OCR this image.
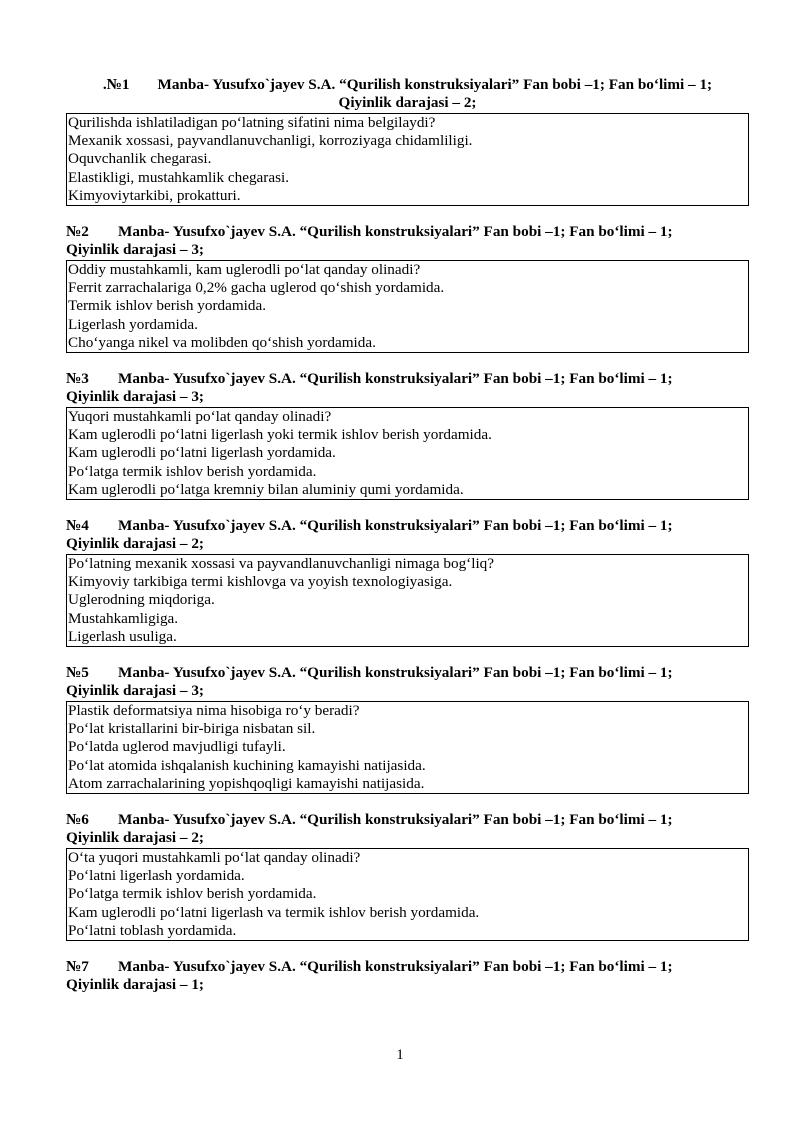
.№1 Manba- Yusufxo`jayev S.A. “Qurilish konstruksiyalari” Fan bobi –1; Fan bo‘limi – 1;
Qiyinlik darajasi – 2;
Qurilishda ishlatiladigan po‘latning sifatini nima belgilaydi?
Mexanik xossasi, payvandlanuvchanligi, korroziyaga chidamliligi.
Oquvchanlik chegarasi.
Elastikligi, mustahkamlik chegarasi.
Kimyoviytarkibi, prokatturi.
№2 Manba- Yusufxo`jayev S.A. “Qurilish konstruksiyalari” Fan bobi –1; Fan bo‘limi – 1;
Qiyinlik darajasi – 3;
Oddiy mustahkamli, kam uglerodli po‘lat qanday olinadi?
Ferrit zarrachalariga 0,2% gacha uglerod qo‘shish yordamida.
Termik ishlov berish yordamida.
Ligerlash yordamida.
Cho‘yanga nikel va molibden qo‘shish yordamida.
№3 Manba- Yusufxo`jayev S.A. “Qurilish konstruksiyalari” Fan bobi –1; Fan bo‘limi – 1;
Qiyinlik darajasi – 3;
Yuqori mustahkamli po‘lat qanday olinadi?
Kam uglerodli po‘latni ligerlash yoki termik ishlov berish yordamida.
Kam uglerodli po‘latni ligerlash yordamida.
Po‘latga termik ishlov berish yordamida.
Kam uglerodli po‘latga kremniy bilan aluminiy qumi yordamida.
№4 Manba- Yusufxo`jayev S.A. “Qurilish konstruksiyalari” Fan bobi –1; Fan bo‘limi – 1;
Qiyinlik darajasi – 2;
Po‘latning mexanik xossasi va payvandlanuvchanligi nimaga bog‘liq?
Kimyoviy tarkibiga termi kishlovga va yoyish texnologiyasiga.
Uglerodning miqdoriga.
Mustahkamligiga.
Ligerlash usuliga.
№5 Manba- Yusufxo`jayev S.A. “Qurilish konstruksiyalari” Fan bobi –1; Fan bo‘limi – 1;
Qiyinlik darajasi – 3;
Plastik deformatsiya nima hisobiga ro‘y beradi?
Po‘lat kristallarini bir-biriga nisbatan sil.
Po‘latda uglerod mavjudligi tufayli.
Po‘lat atomida ishqalanish kuchining kamayishi natijasida.
Atom zarrachalarining yopishqoqligi kamayishi natijasida.
№6 Manba- Yusufxo`jayev S.A. “Qurilish konstruksiyalari” Fan bobi –1; Fan bo‘limi – 1;
Qiyinlik darajasi – 2;
O‘ta yuqori mustahkamli po‘lat qanday olinadi?
Po‘latni ligerlash yordamida.
Po‘latga termik ishlov berish yordamida.
Kam uglerodli po‘latni ligerlash va termik ishlov berish yordamida.
Po‘latni toblash yordamida.
№7 Manba- Yusufxo`jayev S.A. “Qurilish konstruksiyalari” Fan bobi –1; Fan bo‘limi – 1;
Qiyinlik darajasi – 1;
1
